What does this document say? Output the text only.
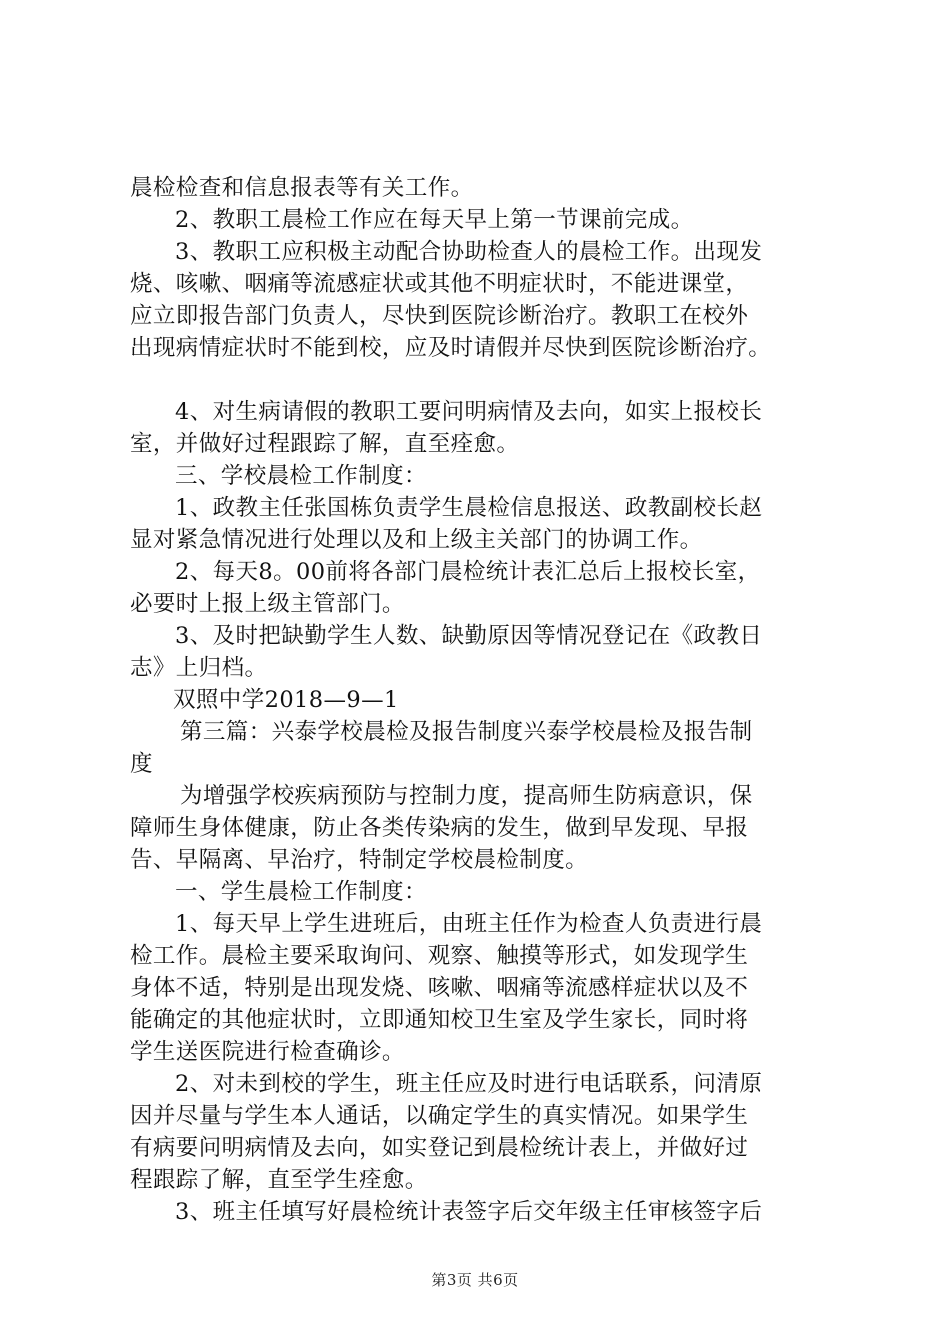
晨检检查和信息报表等有关工作。
2、教职工晨检工作应在每天早上第一节课前完成。
3、教职工应积极主动配合协助检查人的晨检工作。出现发
烧、咳嗽、咽痛等流感症状或其他不明症状时，不能进课堂，
应立即报告部门负责人，尽快到医院诊断治疗。教职工在校外
出现病情症状时不能到校，应及时请假并尽快到医院诊断治疗。
4、对生病请假的教职工要问明病情及去向，如实上报校长
室，并做好过程跟踪了解，直至痊愈。
三、学校晨检工作制度：
1、政教主任张国栋负责学生晨检信息报送、政教副校长赵
显对紧急情况进行处理以及和上级主关部门的协调工作。
2、每天8。00前将各部门晨检统计表汇总后上报校长室，
必要时上报上级主管部门。
3、及时把缺勤学生人数、缺勤原因等情况登记在《政教日
志》上归档。
双照中学2018—9—1
第三篇：兴泰学校晨检及报告制度兴泰学校晨检及报告制
度
为增强学校疾病预防与控制力度，提高师生防病意识，保
障师生身体健康，防止各类传染病的发生，做到早发现、早报
告、早隔离、早治疗，特制定学校晨检制度。
一、学生晨检工作制度：
1、每天早上学生进班后，由班主任作为检查人负责进行晨
检工作。晨检主要采取询问、观察、触摸等形式，如发现学生
身体不适，特别是出现发烧、咳嗽、咽痛等流感样症状以及不
能确定的其他症状时，立即通知校卫生室及学生家长，同时将
学生送医院进行检查确诊。
2、对未到校的学生，班主任应及时进行电话联系，问清原
因并尽量与学生本人通话，以确定学生的真实情况。如果学生
有病要问明病情及去向，如实登记到晨检统计表上，并做好过
程跟踪了解，直至学生痊愈。
3、班主任填写好晨检统计表签字后交年级主任审核签字后
第3页 共6页
